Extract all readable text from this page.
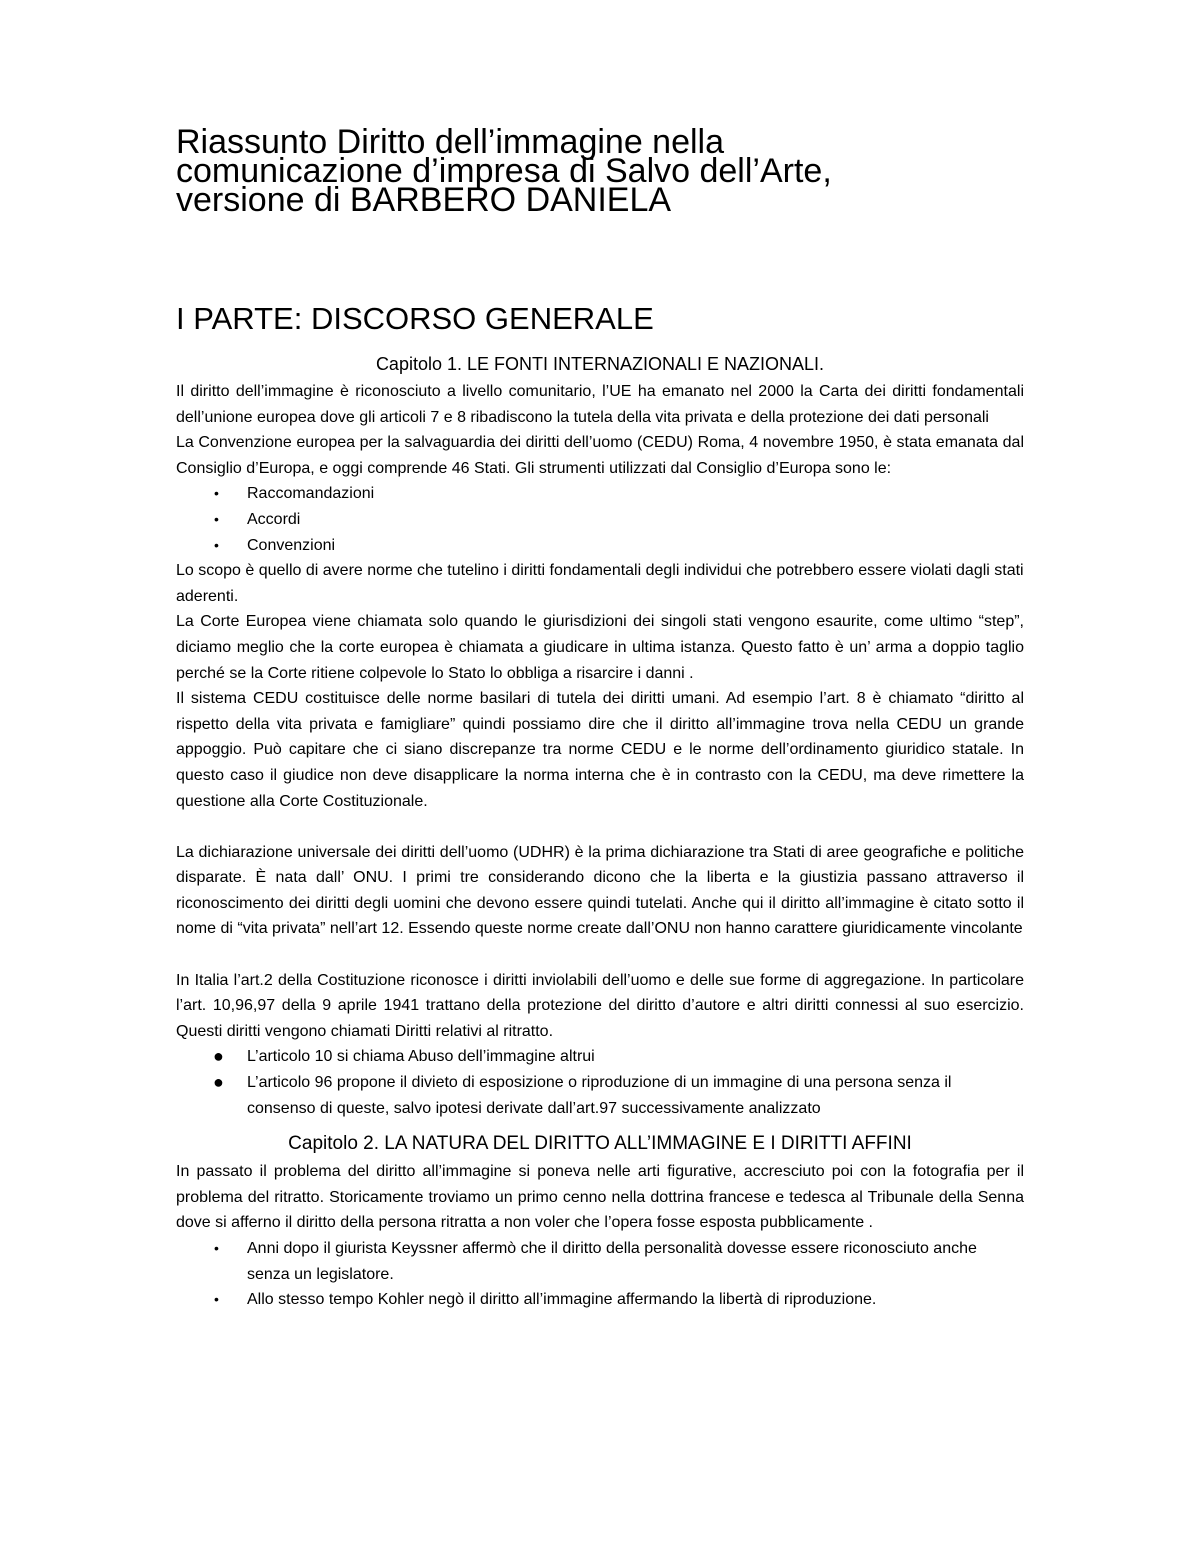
Riassunto Diritto dell’immagine nella
comunicazione d’impresa di Salvo dell’Arte,
versione di BARBERO DANIELA
I PARTE: DISCORSO GENERALE
Capitolo 1. LE FONTI INTERNAZIONALI E NAZIONALI.

Il diritto dell’immagine è riconosciuto a livello comunitario, l’UE ha emanato nel 2000 la Carta dei diritti fondamentali dell’unione europea dove gli articoli 7 e 8 ribadiscono la tutela della vita privata e della protezione dei dati personali

La Convenzione europea per la salvaguardia dei diritti dell’uomo (CEDU) Roma, 4 novembre 1950, è stata emanata dal Consiglio d’Europa, e oggi comprende 46 Stati. Gli strumenti utilizzati dal Consiglio d’Europa sono le:

• Raccomandazioni
• Accordi
• Convenzioni

Lo scopo è quello di avere norme che tutelino i diritti fondamentali degli individui che potrebbero essere violati dagli stati aderenti.

La Corte Europea viene chiamata solo quando le giurisdizioni dei singoli stati vengono esaurite, come ultimo “step”, diciamo meglio che la corte europea è chiamata a giudicare in ultima istanza. Questo fatto è un’ arma a doppio taglio perché se la Corte ritiene colpevole lo Stato lo obbliga a risarcire i danni .

Il sistema CEDU costituisce delle norme basilari di tutela dei diritti umani. Ad esempio l’art. 8 è chiamato “diritto al rispetto della vita privata e famigliare” quindi possiamo dire che il diritto all’immagine trova nella CEDU un grande appoggio. Può capitare che ci siano discrepanze tra norme CEDU e le norme dell’ordinamento giuridico statale. In questo caso il giudice non deve disapplicare la norma interna che è in contrasto con la CEDU, ma deve rimettere la questione alla Corte Costituzionale.

La dichiarazione universale dei diritti dell’uomo (UDHR) è la prima dichiarazione tra Stati di aree geografiche e politiche disparate. È nata dall’ ONU. I primi tre considerando dicono che la liberta e la giustizia passano attraverso il riconoscimento dei diritti degli uomini che devono essere quindi tutelati. Anche qui il diritto all’immagine è citato sotto il nome di “vita privata” nell’art 12. Essendo queste norme create dall’ONU non hanno carattere giuridicamente vincolante

In Italia l’art.2 della Costituzione riconosce i diritti inviolabili dell’uomo e delle sue forme di aggregazione. In particolare l’art. 10,96,97 della 9 aprile 1941 trattano della protezione del diritto d’autore e altri diritti connessi al suo esercizio. Questi diritti vengono chiamati Diritti relativi al ritratto.

● L’articolo 10 si chiama Abuso dell’immagine altrui
● L’articolo 96 propone il divieto di esposizione o riproduzione di un immagine di una persona senza il consenso di queste, salvo ipotesi derivate dall’art.97 successivamente analizzato
Capitolo 2. LA NATURA DEL DIRITTO ALL’IMMAGINE E I DIRITTI AFFINI

In passato il problema del diritto all’immagine si poneva nelle arti figurative, accresciuto poi con la fotografia per il problema del ritratto. Storicamente troviamo un primo cenno nella dottrina francese e tedesca al Tribunale della Senna dove si afferno il diritto della persona ritratta a non voler che l’opera fosse esposta pubblicamente .

• Anni dopo il giurista Keyssner affermò che il diritto della personalità dovesse essere riconosciuto anche senza un legislatore.
• Allo stesso tempo Kohler negò il diritto all’immagine affermando la libertà di riproduzione.
